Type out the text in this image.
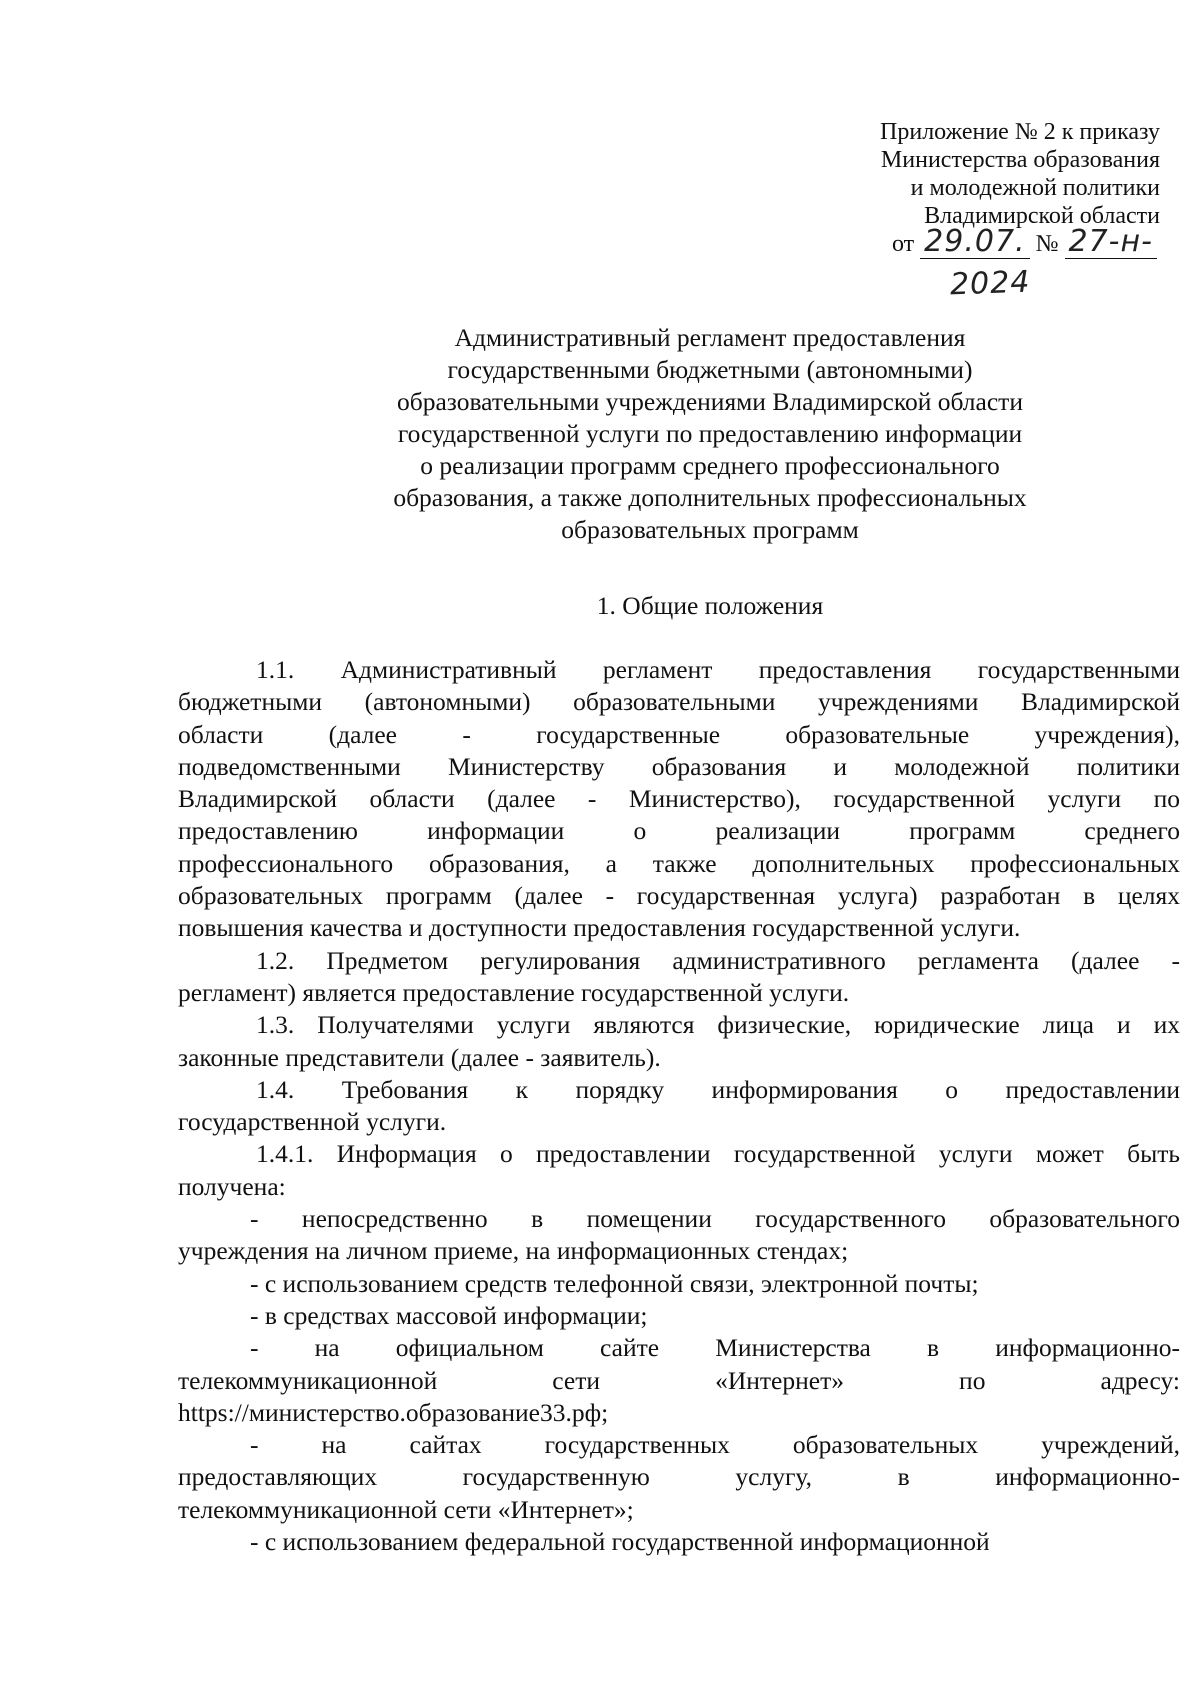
Приложение № 2 к приказу
Министерства образования
и молодежной политики
Владимирской области
от 29.07. № 27-н-
2024
Административный регламент предоставления
государственными бюджетными (автономными)
образовательными учреждениями Владимирской области
государственной услуги по предоставлению информации
о реализации программ среднего профессионального
образования, а также дополнительных профессиональных
образовательных программ
1. Общие положения
1.1. Административный регламент предоставления государственными
бюджетными (автономными) образовательными учреждениями Владимирской
области (далее - государственные образовательные учреждения),
подведомственными Министерству образования и молодежной политики
Владимирской области (далее - Министерство), государственной услуги по
предоставлению информации о реализации программ среднего
профессионального образования, а также дополнительных профессиональных
образовательных программ (далее - государственная услуга) разработан в целях
повышения качества и доступности предоставления государственной услуги.
1.2. Предметом регулирования административного регламента (далее -
регламент) является предоставление государственной услуги.
1.3. Получателями услуги являются физические, юридические лица и их
законные представители (далее - заявитель).
1.4. Требования к порядку информирования о предоставлении
государственной услуги.
1.4.1. Информация о предоставлении государственной услуги может быть
получена:
- непосредственно в помещении государственного образовательного
учреждения на личном приеме, на информационных стендах;
- с использованием средств телефонной связи, электронной почты;
- в средствах массовой информации;
- на официальном сайте Министерства в информационно-
телекоммуникационной сети «Интернет» по адресу:
https://министерство.образование33.рф;
- на сайтах государственных образовательных учреждений,
предоставляющих государственную услугу, в информационно-
телекоммуникационной сети «Интернет»;
- с использованием федеральной государственной информационной
